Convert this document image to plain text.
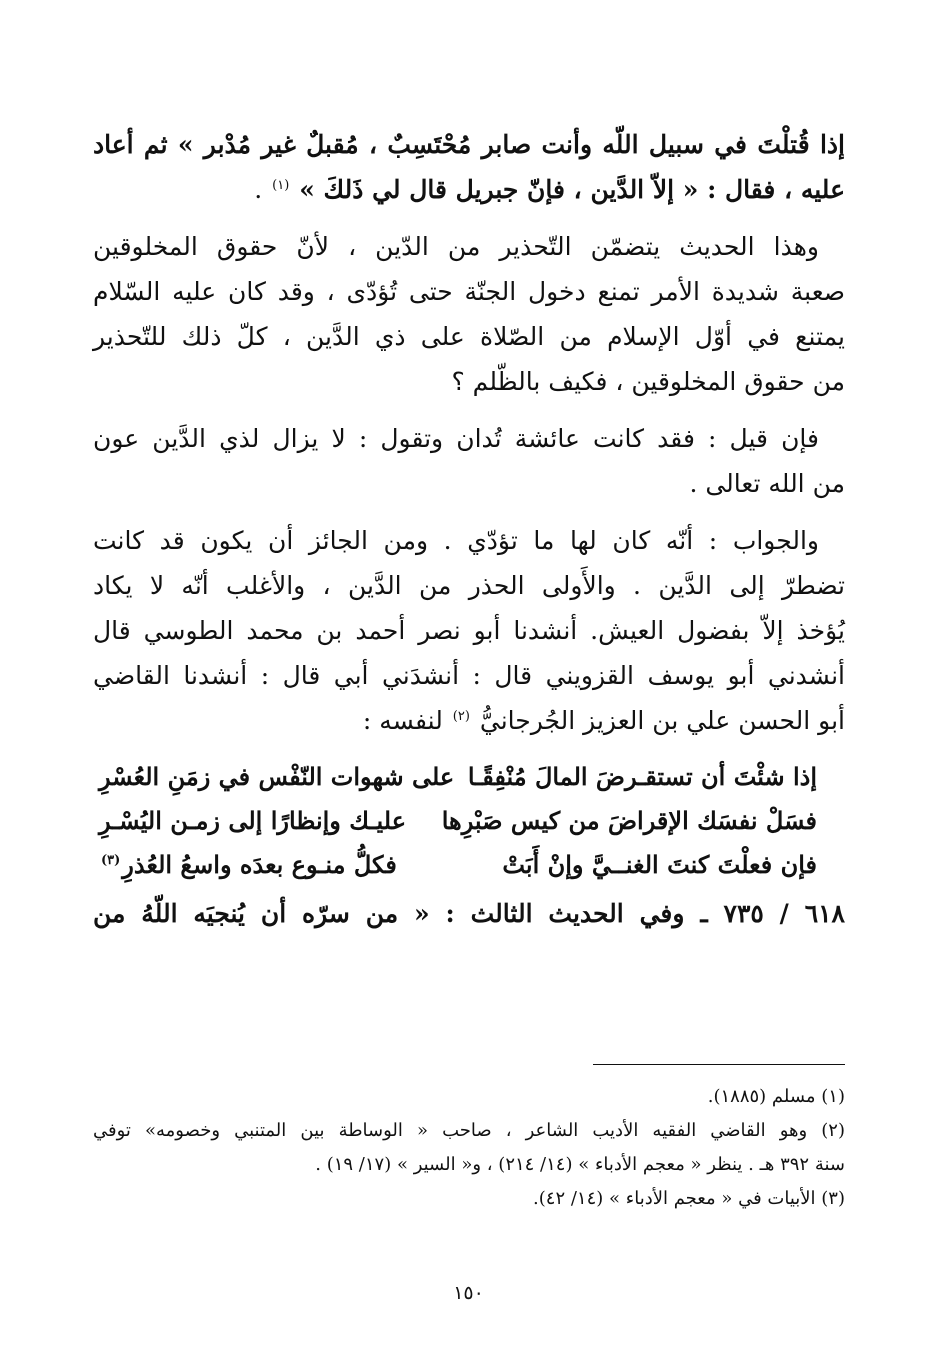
إذا قُتلْتَ في سبيل اللّه وأنت صابر مُحْتَسِبٌ ، مُقبلٌ غير مُدْبر » ثم أعاد
عليه ، فقال : « إلاّ الدَّين ، فإنّ جبريل قال لي ذَلكَ » $^{(١)}$ .
وهذا الحديث يتضمّن التّحذير من الدّين ، لأنّ حقوق المخلوقين
صعبة شديدة الأمر تمنع دخول الجنّة حتى تُؤدّى ، وقد كان عليه السّلام
يمتنع في أوّل الإسلام من الصّلاة على ذي الدَّين ، كلّ ذلك للتّحذير
من حقوق المخلوقين ، فكيف بالظّلم ؟
فإن قيل : فقد كانت عائشة تُدان وتقول : لا يزال لذي الدَّين عون
من الله تعالى .
والجواب : أنّه كان لها ما تؤدّي . ومن الجائز أن يكون قد كانت
تضطرّ إلى الدَّين . والأَولى الحذر من الدَّين ، والأغلب أنّه لا يكاد
يُؤخذ إلاّ بفضول العيش. أنشدنا أبو نصر أحمد بن محمد الطوسي قال
أنشدني أبو يوسف القزويني قال : أنشدَني أبي قال : أنشدنا القاضي
أبو الحسن علي بن العزيز الجُرجانيُّ $^{(٢)}$ لنفسه :
إذا شئْتَ أن تستقـرضَ المالَ مُنْفِقًـا
على شهوات النّفْس في زمَنِ العُسْرِ
فسَلْ نفسَك الإقراضَ من كيس صَبْرِها
عليـك وإنظارًا إلى زمـن اليُسْـرِ
فإن فعلْتَ كنتَ الغنــيَّ وإنْ أَبَتْ
فكلُّ منـوع بعدَه واسعُ العُذرِ$^{(٣)}$
٦١٨ / ٧٣٥ ـ وفي الحديث الثالث : « من سرّه أن يُنجيَه اللّهُ من
(١) مسلم (١٨٨٥).
(٢) وهو القاضي الفقيه الأديب الشاعر ، صاحب « الوساطة بين المتنبي وخصومه» توفي
سنة ٣٩٢ هـ . ينظر « معجم الأدباء » (١٤/ ٢١٤) ، و« السير » (١٧/ ١٩) .
(٣) الأبيات في « معجم الأدباء » (١٤/ ٤٢).
١٥٠
